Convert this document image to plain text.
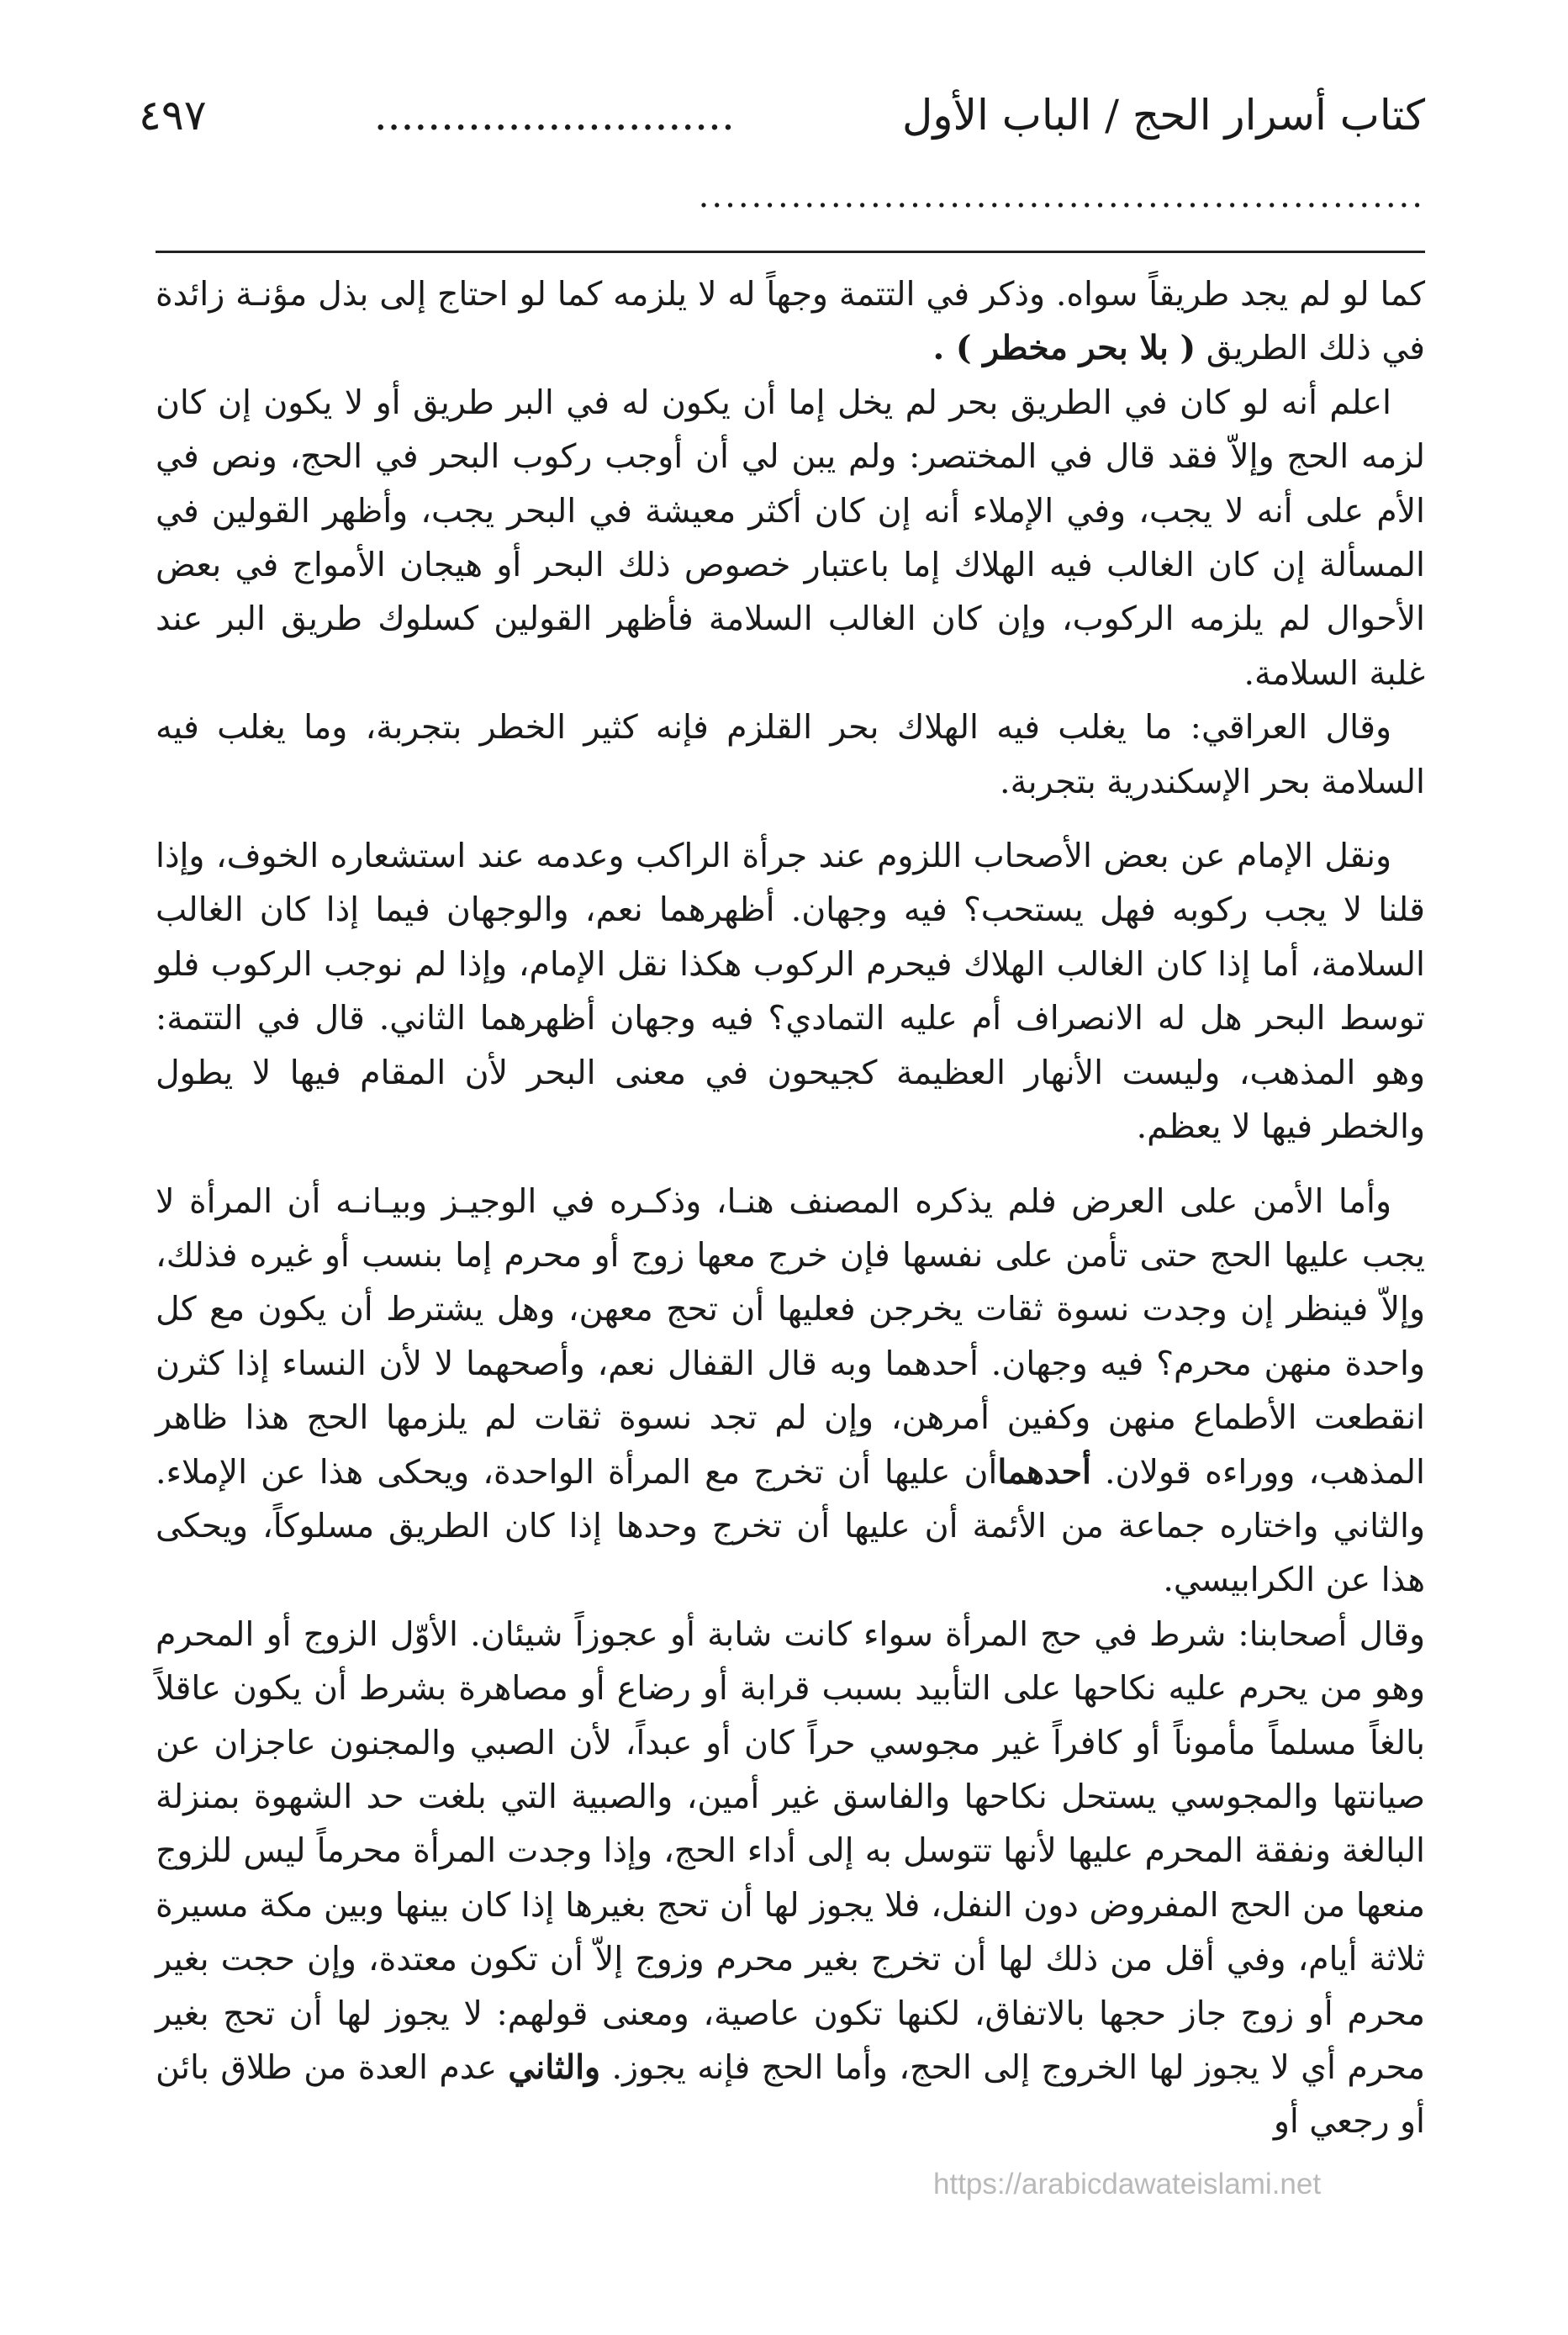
كتاب أسرار الحج / الباب الأول
...........................
٤٩٧
.......................................................

كما لو لم يجد طريقاً سواه. وذكر في التتمة وجهاً له لا يلزمه كما لو احتاج إلى بذل مؤنـة زائدة في ذلك الطريق ( بلا بحر مخطر ) .

اعلم أنه لو كان في الطريق بحر لم يخل إما أن يكون له في البر طريق أو لا يكون إن كان لزمه الحج وإلاّ فقد قال في المختصر: ولم يبن لي أن أوجب ركوب البحر في الحج، ونص في الأم على أنه لا يجب، وفي الإملاء أنه إن كان أكثر معيشة في البحر يجب، وأظهر القولين في المسألة إن كان الغالب فيه الهلاك إما باعتبار خصوص ذلك البحر أو هيجان الأمواج في بعض الأحوال لم يلزمه الركوب، وإن كان الغالب السلامة فأظهر القولين كسلوك طريق البر عند غلبة السلامة.

وقال العراقي: ما يغلب فيه الهلاك بحر القلزم فإنه كثير الخطر بتجربة، وما يغلب فيه السلامة بحر الإسكندرية بتجربة.

ونقل الإمام عن بعض الأصحاب اللزوم عند جرأة الراكب وعدمه عند استشعاره الخوف، وإذا قلنا لا يجب ركوبه فهل يستحب؟ فيه وجهان. أظهرهما نعم، والوجهان فيما إذا كان الغالب السلامة، أما إذا كان الغالب الهلاك فيحرم الركوب هكذا نقل الإمام، وإذا لم نوجب الركوب فلو توسط البحر هل له الانصراف أم عليه التمادي؟ فيه وجهان أظهرهما الثاني. قال في التتمة: وهو المذهب، وليست الأنهار العظيمة كجيحون في معنى البحر لأن المقام فيها لا يطول والخطر فيها لا يعظم.

وأما الأمن على العرض فلم يذكره المصنف هنـا، وذكـره في الوجيـز وبيـانـه أن المرأة لا يجب عليها الحج حتى تأمن على نفسها فإن خرج معها زوج أو محرم إما بنسب أو غيره فذلك، وإلاّ فينظر إن وجدت نسوة ثقات يخرجن فعليها أن تحج معهن، وهل يشترط أن يكون مع كل واحدة منهن محرم؟ فيه وجهان. أحدهما وبه قال القفال نعم، وأصحهما لا لأن النساء إذا كثرن انقطعت الأطماع منهن وكفين أمرهن، وإن لم تجد نسوة ثقات لم يلزمها الحج هذا ظاهر المذهب، ووراءه قولان. أحدهماأن عليها أن تخرج مع المرأة الواحدة، ويحكى هذا عن الإملاء. والثاني واختاره جماعة من الأئمة أن عليها أن تخرج وحدها إذا كان الطريق مسلوكاً، ويحكى هذا عن الكرابيسي.

وقال أصحابنا: شرط في حج المرأة سواء كانت شابة أو عجوزاً شيئان. الأوّل الزوج أو المحرم وهو من يحرم عليه نكاحها على التأبيد بسبب قرابة أو رضاع أو مصاهرة بشرط أن يكون عاقلاً بالغاً مسلماً مأموناً أو كافراً غير مجوسي حراً كان أو عبداً، لأن الصبي والمجنون عاجزان عن صيانتها والمجوسي يستحل نكاحها والفاسق غير أمين، والصبية التي بلغت حد الشهوة بمنزلة البالغة ونفقة المحرم عليها لأنها تتوسل به إلى أداء الحج، وإذا وجدت المرأة محرماً ليس للزوج منعها من الحج المفروض دون النفل، فلا يجوز لها أن تحج بغيرها إذا كان بينها وبين مكة مسيرة ثلاثة أيام، وفي أقل من ذلك لها أن تخرج بغير محرم وزوج إلاّ أن تكون معتدة، وإن حجت بغير محرم أو زوج جاز حجها بالاتفاق، لكنها تكون عاصية، ومعنى قولهم: لا يجوز لها أن تحج بغير محرم أي لا يجوز لها الخروج إلى الحج، وأما الحج فإنه يجوز. والثاني عدم العدة من طلاق بائن أو رجعي أو

https://arabicdawateislami.net
